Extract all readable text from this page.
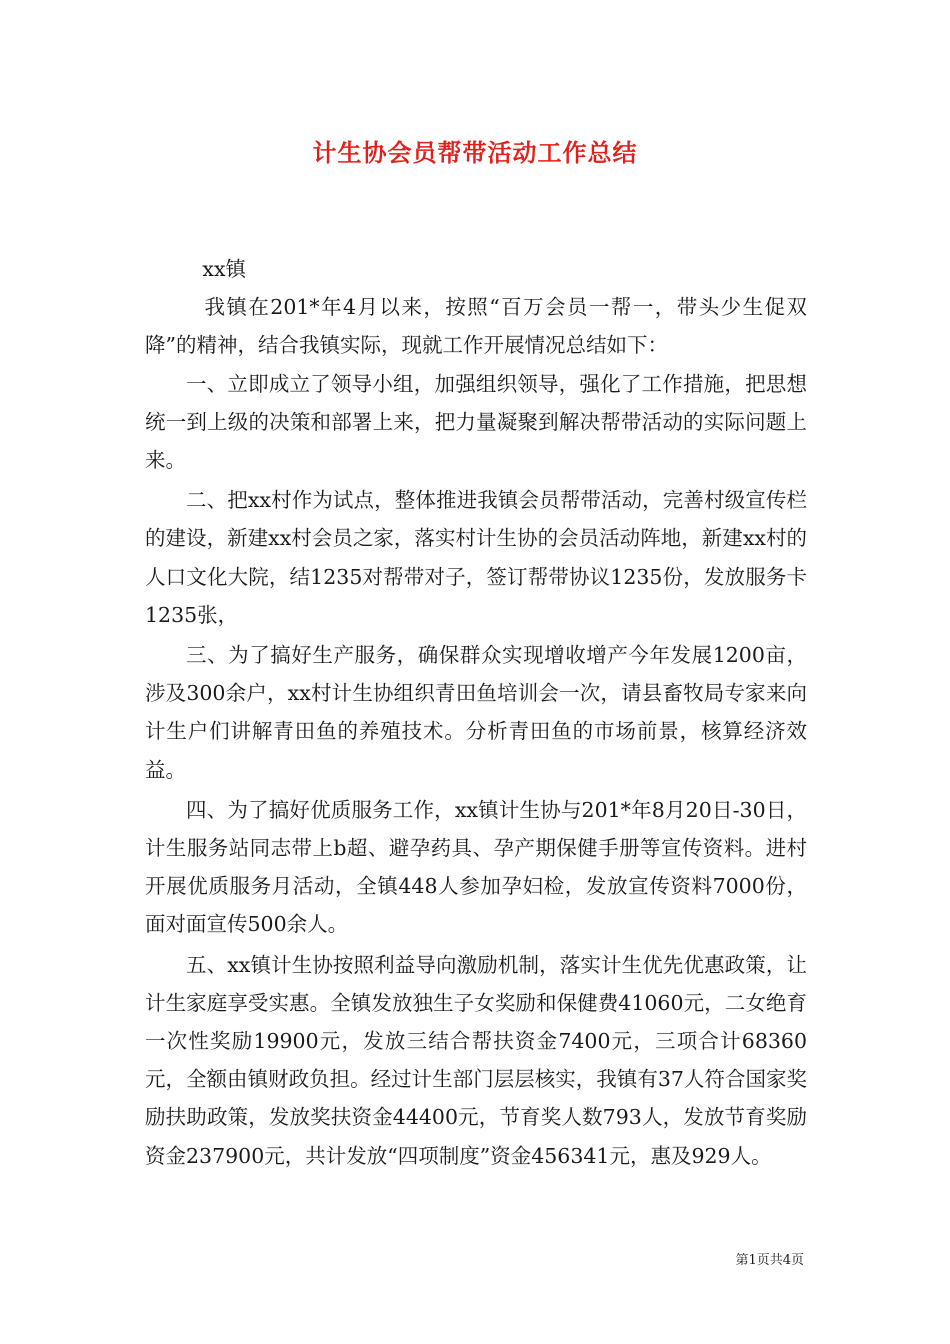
计生协会员帮带活动工作总结

xx镇

我镇在201*年4月以来，按照“百万会员一帮一，带头少生促双降”的精神，结合我镇实际，现就工作开展情况总结如下：

一、立即成立了领导小组，加强组织领导，强化了工作措施，把思想统一到上级的决策和部署上来，把力量凝聚到解决帮带活动的实际问题上来。

二、把xx村作为试点，整体推进我镇会员帮带活动，完善村级宣传栏的建设，新建xx村会员之家，落实村计生协的会员活动阵地，新建xx村的人口文化大院，结1235对帮带对子，签订帮带协议1235份，发放服务卡1235张，

三、为了搞好生产服务，确保群众实现增收增产今年发展1200亩，涉及300余户，xx村计生协组织青田鱼培训会一次，请县畜牧局专家来向计生户们讲解青田鱼的养殖技术。分析青田鱼的市场前景，核算经济效益。

四、为了搞好优质服务工作，xx镇计生协与201*年8月20日-30日，计生服务站同志带上b超、避孕药具、孕产期保健手册等宣传资料。进村开展优质服务月活动，全镇448人参加孕妇检，发放宣传资料7000份，面对面宣传500余人。

五、xx镇计生协按照利益导向激励机制，落实计生优先优惠政策，让计生家庭享受实惠。全镇发放独生子女奖励和保健费41060元，二女绝育一次性奖励19900元，发放三结合帮扶资金7400元，三项合计68360元，全额由镇财政负担。经过计生部门层层核实，我镇有37人符合国家奖励扶助政策，发放奖扶资金44400元，节育奖人数793人，发放节育奖励资金237900元，共计发放“四项制度”资金456341元，惠及929人。

第1页共4页
